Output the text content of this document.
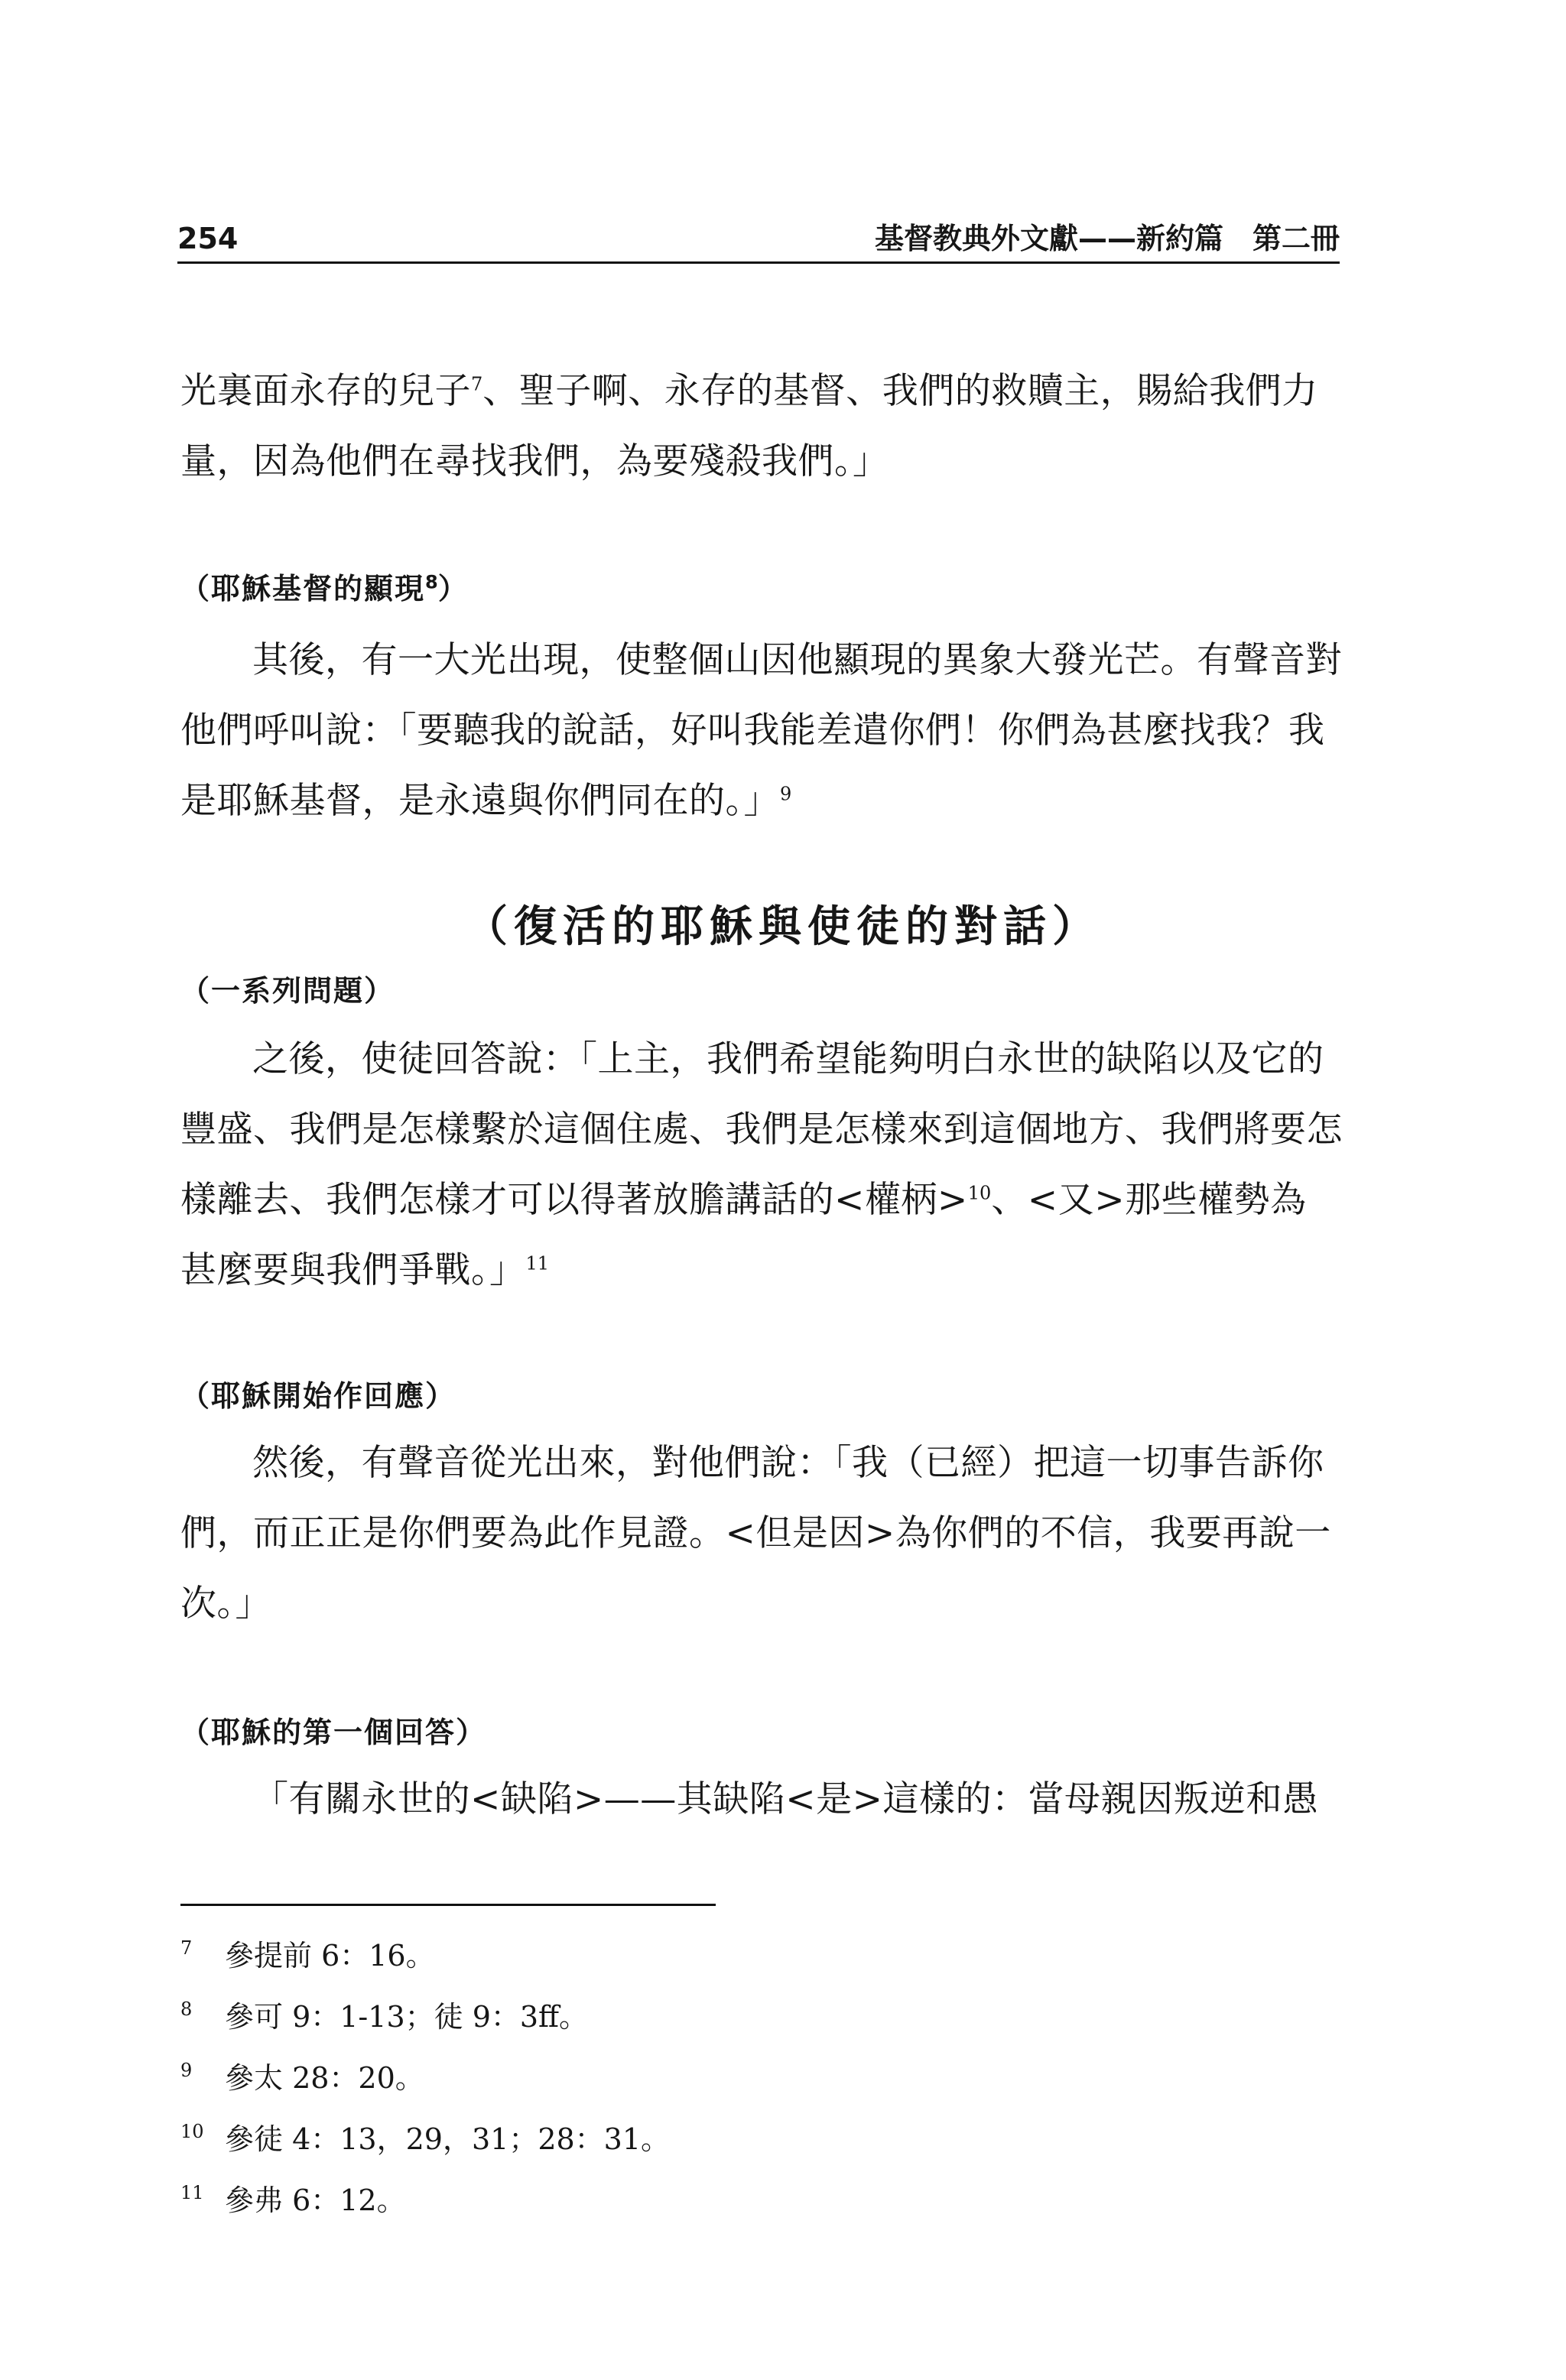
254	基督教典外文獻——新約篇　第二冊
光裏面永存的兒子$^7$、聖子啊、永存的基督、我們的救贖主，賜給我們力量，因為他們在尋找我們，為要殘殺我們。」
（耶穌基督的顯現$^8$）
其後，有一大光出現，使整個山因他顯現的異象大發光芒。有聲音對他們呼叫說：「要聽我的說話，好叫我能差遣你們！你們為甚麼找我？我是耶穌基督，是永遠與你們同在的。」$^9$
（復活的耶穌與使徒的對話）
（一系列問題）
之後，使徒回答說：「上主，我們希望能夠明白永世的缺陷以及它的豐盛、我們是怎樣繫於這個住處、我們是怎樣來到這個地方、我們將要怎樣離去、我們怎樣才可以得著放膽講話的<權柄>$^{10}$、<又>那些權勢為甚麼要與我們爭戰。」$^{11}$
（耶穌開始作回應）
然後，有聲音從光出來，對他們說：「我（已經）把這一切事告訴你們，而正正是你們要為此作見證。<但是因>為你們的不信，我要再說一次。」
（耶穌的第一個回答）
「有關永世的<缺陷>——其缺陷<是>這樣的：當母親因叛逆和愚
7 參提前 6：16。
8 參可 9：1-13；徒 9：3ff。
9 參太 28：20。
10 參徒 4：13，29，31；28：31。
11 參弗 6：12。
